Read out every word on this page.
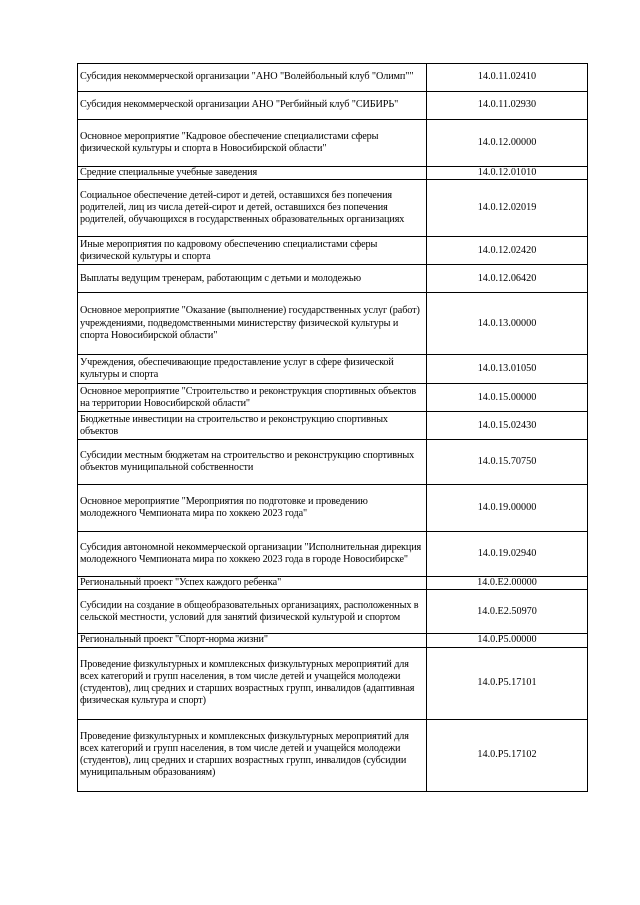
Субсидия некоммерческой организации "АНО "Волейбольный клуб "Олимп""	14.0.11.02410
Субсидия некоммерческой организации АНО "Регбийный клуб "СИБИРЬ"	14.0.11.02930
Основное мероприятие "Кадровое обеспечение специалистами сферы физической культуры и спорта в Новосибирской области"	14.0.12.00000
Средние специальные учебные заведения	14.0.12.01010
Социальное обеспечение детей-сирот и детей, оставшихся без попечения родителей, лиц из числа детей-сирот и детей, оставшихся без попечения родителей, обучающихся в государственных образовательных организациях	14.0.12.02019
Иные мероприятия по кадровому обеспечению специалистами сферы физической культуры и спорта	14.0.12.02420
Выплаты ведущим тренерам, работающим с детьми и молодежью	14.0.12.06420
Основное мероприятие "Оказание (выполнение) государственных услуг (работ) учреждениями, подведомственными министерству физической культуры и спорта Новосибирской области"	14.0.13.00000
Учреждения, обеспечивающие предоставление услуг в сфере физической культуры и спорта	14.0.13.01050
Основное мероприятие "Строительство и реконструкция спортивных объектов на территории Новосибирской области"	14.0.15.00000
Бюджетные инвестиции на строительство и реконструкцию спортивных объектов	14.0.15.02430
Субсидии местным бюджетам на строительство и реконструкцию спортивных объектов муниципальной собственности	14.0.15.70750
Основное мероприятие "Мероприятия по подготовке и проведению молодежного Чемпионата мира по хоккею 2023 года"	14.0.19.00000
Субсидия автономной некоммерческой организации "Исполнительная дирекция молодежного Чемпионата мира по хоккею 2023 года в городе Новосибирске"	14.0.19.02940
Региональный проект "Успех каждого ребенка"	14.0.E2.00000
Субсидии на создание в общеобразовательных организациях, расположенных в сельской местности, условий для занятий физической культурой и спортом	14.0.E2.50970
Региональный проект "Спорт-норма жизни"	14.0.P5.00000
Проведение физкультурных и комплексных физкультурных мероприятий для всех категорий и групп населения, в том числе детей и учащейся молодежи (студентов), лиц средних и старших возрастных групп, инвалидов (адаптивная физическая культура и спорт)	14.0.P5.17101
Проведение физкультурных и комплексных физкультурных мероприятий для всех категорий и групп населения, в том числе детей и учащейся молодежи (студентов), лиц средних и старших возрастных групп, инвалидов (субсидии муниципальным образованиям)	14.0.P5.17102
